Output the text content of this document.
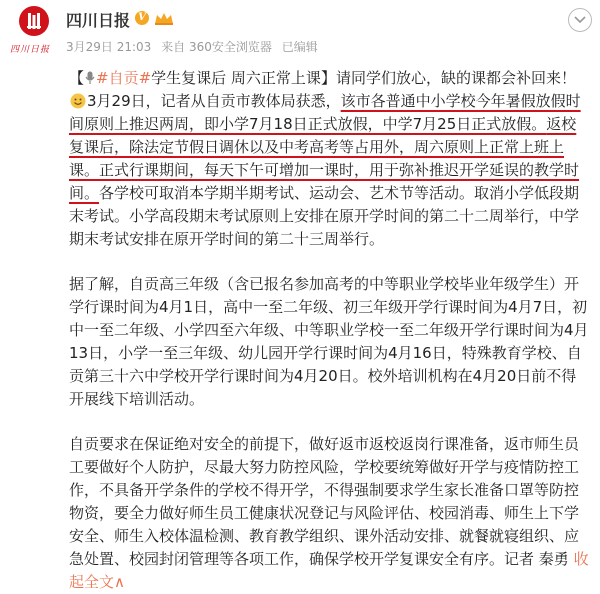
四川日报
四川日报 V
3月29日 21:03 来自 360安全浏览器 已编辑

【 #自贡#学生复课后 周六正常上课】请同学们放心，缺的课都会补回来！3月29日，记者从自贡市教体局获悉，该市各普通中小学校今年暑假放假时间原则上推迟两周，即小学7月18日正式放假，中学7月25日正式放假。返校复课后，除法定节假日调休以及中考高考等占用外，周六原则上正常上班上课。正式行课期间，每天下午可增加一课时，用于弥补推迟开学延误的教学时间。各学校可取消本学期半期考试、运动会、艺术节等活动。取消小学低段期末考试。小学高段期末考试原则上安排在原开学时间的第二十二周举行，中学期末考试安排在原开学时间的第二十三周举行。

据了解，自贡高三年级（含已报名参加高考的中等职业学校毕业年级学生）开学行课时间为4月1日，高中一至二年级、初三年级开学行课时间为4月7日，初中一至二年级、小学四至六年级、中等职业学校一至二年级开学行课时间为4月13日，小学一至三年级、幼儿园开学行课时间为4月16日，特殊教育学校、自贡第三十六中学校开学行课时间为4月20日。校外培训机构在4月20日前不得开展线下培训活动。

自贡要求在保证绝对安全的前提下，做好返市返校返岗行课准备，返市师生员工要做好个人防护，尽最大努力防控风险，学校要统筹做好开学与疫情防控工作，不具备开学条件的学校不得开学，不得强制要求学生家长准备口罩等防控物资，要全力做好师生员工健康状况登记与风险评估、校园消毒、师生上下学安全、师生入校体温检测、教育教学组织、课外活动安排、就餐就寝组织、应急处置、校园封闭管理等各项工作，确保学校开学复课安全有序。记者 秦勇 收起全文∧
